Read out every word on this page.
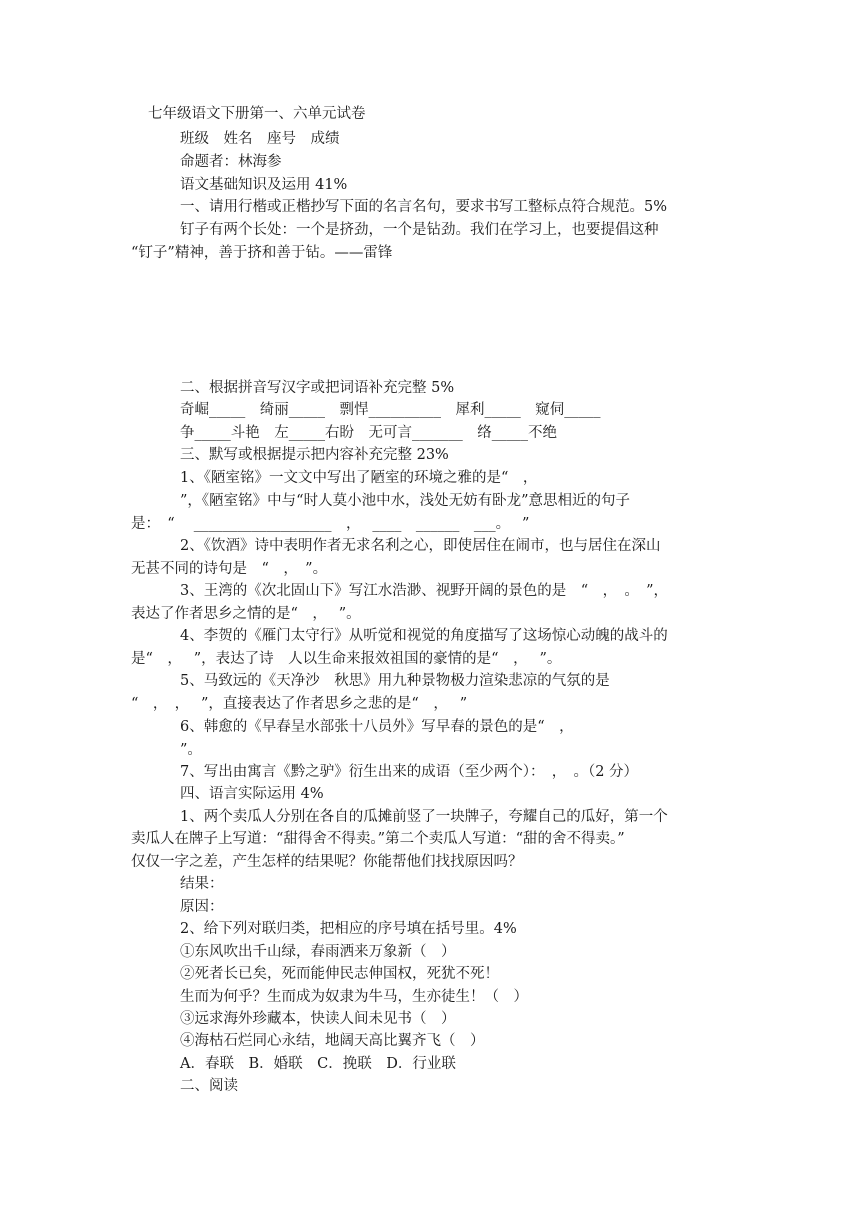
七年级语文下册第一、六单元试卷
班级　姓名　座号　成绩
命题者：林海参
语文基础知识及运用 41%
一、请用行楷或正楷抄写下面的名言名句，要求书写工整标点符合规范。5%
钉子有两个长处：一个是挤劲，一个是钻劲。我们在学习上，也要提倡这种
“钉子”精神，善于挤和善于钻。——雷锋
二、根据拼音写汉字或把词语补充完整 5%
奇崛_____　绮丽_____　剽悍__________　犀利_____　窥伺_____
争_____斗艳　左_____右盼　无可言_______　络_____不绝
三、默写或根据提示把内容补充完整 23%
1、《陋室铭》一文文中写出了陋室的环境之雅的是“　，
”，《陋室铭》中与“时人莫小池中水，浅处无妨有卧龙”意思相近的句子
是：　“　 ___________________　，　 ____　______　___。　 ”
2、《饮酒》诗中表明作者无求名利之心，即使居住在闹市，也与居住在深山
无甚不同的诗句是　“　，　”。
3、王湾的《次北固山下》写江水浩渺、视野开阔的景色的是　“　，　。　”，
表达了作者思乡之情的是“　，　 ”。
4、李贺的《雁门太守行》从听觉和视觉的角度描写了这场惊心动魄的战斗的
是“　，　 ”，表达了诗　人以生命来报效祖国的豪情的是“　，　 ”。
5、马致远的《天净沙　秋思》用九种景物极力渲染悲凉的气氛的是
“　，　，　 ”，直接表达了作者思乡之悲的是“　，　 ”
6、韩愈的《早春呈水部张十八员外》写早春的景色的是“　，
”。
7、写出由寓言《黔之驴》衍生出来的成语（至少两个）：　，　。（2 分）
四、语言实际运用 4%
1、两个卖瓜人分别在各自的瓜摊前竖了一块牌子，夸耀自己的瓜好，第一个
卖瓜人在牌子上写道：“甜得舍不得卖。”第二个卖瓜人写道：“甜的舍不得卖。”
仅仅一字之差，产生怎样的结果呢？你能帮他们找找原因吗？
结果：
原因：
2、给下列对联归类，把相应的序号填在括号里。4%
①东风吹出千山绿，春雨洒来万象新（　）
②死者长已矣，死而能伸民志伸国权，死犹不死！
生而为何乎？生而成为奴隶为牛马，生亦徒生！（　）
③远求海外珍藏本，快读人间未见书（　）
④海枯石烂同心永结，地阔天高比翼齐飞（　）
A．春联　B．婚联　C．挽联　D．行业联
二、阅读
